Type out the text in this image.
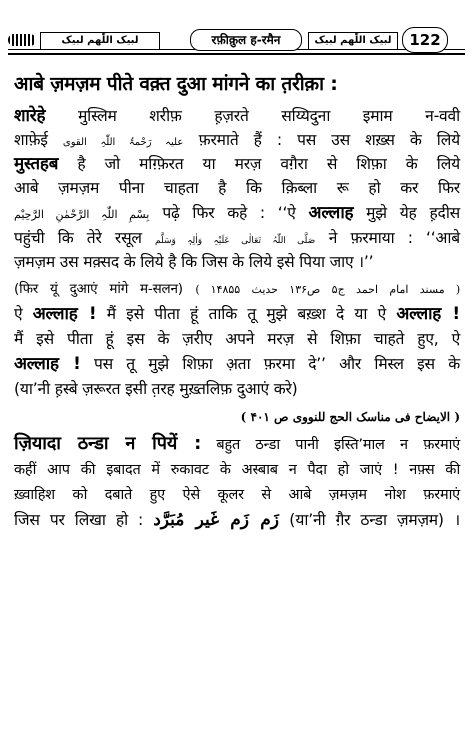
لبیک اللّٰھم لبیک	रफ़ीक़ुल ह-रमैन	لبیک اللّٰھم لبیک	122
आबे ज़मज़म पीते वक़्त दुआ मांगने का त़रीक़ा :
शारेहे मुस्लिम शरीफ़ ह़ज़रते सय्यिदुना इमाम न-ववी
शाफ़ेई علیہ رَحْمۃُ اللّٰہِ القوی फ़रमाते हैं : पस उस शख़्स के लिये
मुस्तहब है जो मग़्फ़िरत या मरज़ वग़ैरा से शिफ़ा के लिये
आबे ज़मज़म पीना चाहता है कि क़िब्ला रू हो कर फिर
بِسْمِ اللّٰہِ الرَّحْمٰنِ الرَّحِیْم पढ़े फिर कहे : ‘‘ऐ अल्लाह मुझे येह ह़दीस
पहुंची कि तेरे रसूल صَلَّی اللّٰہُ تَعَالٰی عَلَیْہِ وَاٰلِہٖ وَسَلَّم ने फ़रमाया : ‘‘आबे
ज़मज़म उस मक़्सद के लिये है कि जिस के लिये इसे पिया जाए ।’’
(फिर यूं दुआएं मांगे म-सलन) ( مسند امام احمد ج۵ ص۱۳۶ حدیث ۱۴۸۵۵ )
ऐ अल्लाह ! मैं इसे पीता हूं ताकि तू मुझे बख़्श दे या ऐ अल्लाह !
मैं इसे पीता हूं इस के ज़रीए अपने मरज़ से शिफ़ा चाहते हुए, ऐ
अल्लाह ! पस तू मुझे शिफ़ा अ़ता फ़रमा दे’’ और मिस्ल इस के
(या’नी ह़स्बे ज़रूरत इसी त़रह मुख़्तलिफ़ दुआएं करे)
( الایضاح فی مناسک الحج للنووی ص ۴۰۱ )
ज़ियादा ठन्डा न पियें : बहुत ठन्डा पानी इस्ति’माल न फ़रमाएं
कहीं आप की इबादत में रुकावट के अस्बाब न पैदा हो जाएं ! नफ़्स की
ख़्वाहिश को दबाते हुए ऐसे कूलर से आबे ज़मज़म नोश फ़रमाएं
जिस पर लिखा हो : زَم زَم غَیر مُبَرَّد (या’नी ग़ैर ठन्डा ज़मज़म) ।
